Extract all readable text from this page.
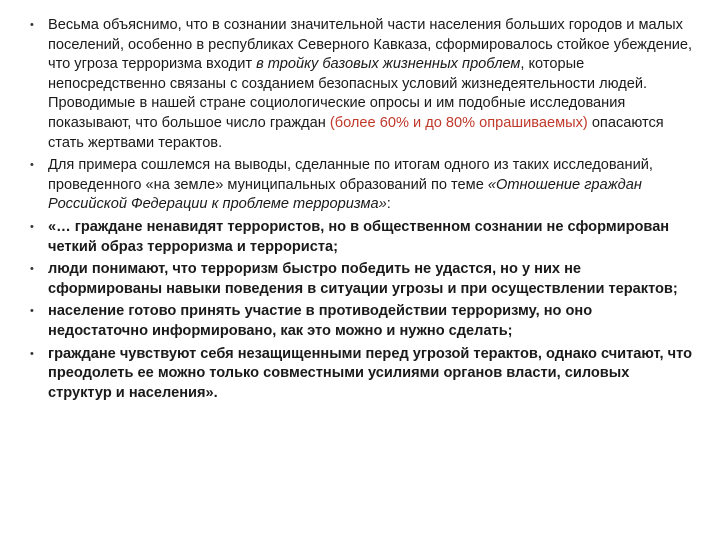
• Весьма объяснимо, что в сознании значительной части населения больших городов и малых поселений, особенно в республиках Северного Кавказа, сформировалось стойкое убеждение, что угроза терроризма входит в тройку базовых жизненных проблем, которые непосредственно связаны с созданием безопасных условий жизнедеятельности людей. Проводимые в нашей стране социологические опросы и им подобные исследования показывают, что большое число граждан (более 60% и до 80% опрашиваемых) опасаются стать жертвами терактов.
• Для примера сошлемся на выводы, сделанные по итогам одного из таких исследований, проведенного «на земле» муниципальных образований по теме «Отношение граждан Российской Федерации к проблеме терроризма»:
• «… граждане ненавидят террористов, но в общественном сознании не сформирован четкий образ терроризма и террориста;
• люди понимают, что терроризм быстро победить не удастся, но у них не сформированы навыки поведения в ситуации угрозы и при осуществлении терактов;
• население готово принять участие в противодействии терроризму, но оно недостаточно информировано, как это можно и нужно сделать;
• граждане чувствуют себя незащищенными перед угрозой терактов, однако считают, что преодолеть ее можно только совместными усилиями органов власти, силовых структур и населения».
